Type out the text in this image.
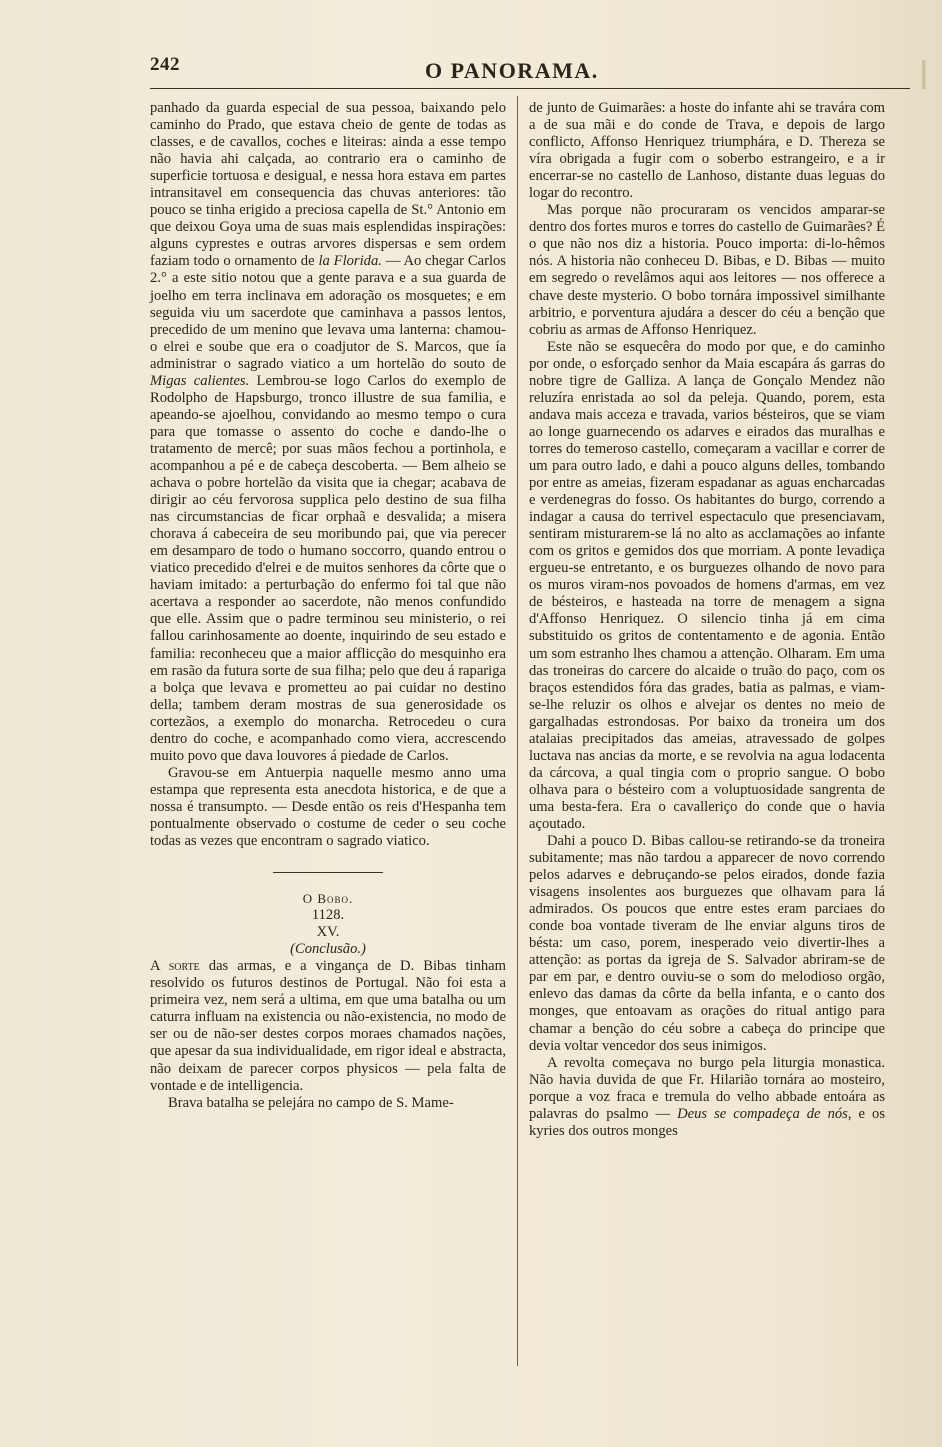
242	O PANORAMA.	❘

panhado da guarda especial de sua pessoa, baixando pelo caminho do Prado, que estava cheio de gente de todas as classes, e de cavallos, coches e liteiras: ainda a esse tempo não havia ahi calçada, ao contrario era o caminho de superficie tortuosa e desigual, e nessa hora estava em partes intransitavel em consequencia das chuvas anteriores: tão pouco se tinha erigido a preciosa capella de St.° Antonio em que deixou Goya uma de suas mais esplendidas inspirações: alguns cyprestes e outras arvores dispersas e sem ordem faziam todo o ornamento de la Florida. — Ao chegar Carlos 2.° a este sitio notou que a gente parava e a sua guarda de joelho em terra inclinava em adoração os mosquetes; e em seguida viu um sacerdote que caminhava a passos lentos, precedido de um menino que levava uma lanterna: chamou-o elrei e soube que era o coadjutor de S. Marcos, que ía administrar o sagrado viatico a um hortelão do souto de Migas calientes. Lembrou-se logo Carlos do exemplo de Rodolpho de Hapsburgo, tronco illustre de sua familia, e apeando-se ajoelhou, convidando ao mesmo tempo o cura para que tomasse o assento do coche e dando-lhe o tratamento de mercê; por suas mãos fechou a portinhola, e acompanhou a pé e de cabeça descoberta. — Bem alheio se achava o pobre hortelão da visita que ia chegar; acabava de dirigir ao céu fervorosa supplica pelo destino de sua filha nas circumstancias de ficar orphaã e desvalida; a misera chorava á cabeceira de seu moribundo pai, que via perecer em desamparo de todo o humano soccorro, quando entrou o viatico precedido d'elrei e de muitos senhores da côrte que o haviam imitado: a perturbação do enfermo foi tal que não acertava a responder ao sacerdote, não menos confundido que elle. Assim que o padre terminou seu ministerio, o rei fallou carinhosamente ao doente, inquirindo de seu estado e familia: reconheceu que a maior afflicção do mesquinho era em rasão da futura sorte de sua filha; pelo que deu á rapariga a bolça que levava e prometteu ao pai cuidar no destino della; tambem deram mostras de sua generosidade os cortezãos, a exemplo do monarcha. Retrocedeu o cura dentro do coche, e acompanhado como viera, accrescendo muito povo que dava louvores á piedade de Carlos.

Gravou-se em Antuerpia naquelle mesmo anno uma estampa que representa esta anecdota historica, e de que a nossa é transumpto. — Desde então os reis d'Hespanha tem pontualmente observado o costume de ceder o seu coche todas as vezes que encontram o sagrado viatico.

O Bobo.

1128.

XV.

(Conclusão.)

A sorte das armas, e a vingança de D. Bibas tinham resolvido os futuros destinos de Portugal. Não foi esta a primeira vez, nem será a ultima, em que uma batalha ou um caturra influam na existencia ou não-existencia, no modo de ser ou de não-ser destes corpos moraes chamados nações, que apesar da sua individualidade, em rigor ideal e abstracta, não deixam de parecer corpos physicos — pela falta de vontade e de intelligencia.

Brava batalha se pelejára no campo de S. Mame-

de junto de Guimarães: a hoste do infante ahi se travára com a de sua mãi e do conde de Trava, e depois de largo conflicto, Affonso Henriquez triumphára, e D. Thereza se víra obrigada a fugir com o soberbo estrangeiro, e a ir encerrar-se no castello de Lanhoso, distante duas leguas do logar do recontro.

Mas porque não procuraram os vencidos amparar-se dentro dos fortes muros e torres do castello de Guimarães? É o que não nos diz a historia. Pouco importa: di-lo-hêmos nós. A historia não conheceu D. Bibas, e D. Bibas — muito em segredo o revelâmos aqui aos leitores — nos offerece a chave deste mysterio. O bobo tornára impossivel similhante arbitrio, e porventura ajudára a descer do céu a benção que cobriu as armas de Affonso Henriquez.

Este não se esquecêra do modo por que, e do caminho por onde, o esforçado senhor da Maia escapára ás garras do nobre tigre de Galliza. A lança de Gonçalo Mendez não reluzíra enristada ao sol da peleja. Quando, porem, esta andava mais acceza e travada, varios bésteiros, que se viam ao longe guarnecendo os adarves e eirados das muralhas e torres do temeroso castello, começaram a vacillar e correr de um para outro lado, e dahi a pouco alguns delles, tombando por entre as ameias, fizeram espadanar as aguas encharcadas e verdenegras do fosso. Os habitantes do burgo, correndo a indagar a causa do terrivel espectaculo que presenciavam, sentiram misturarem-se lá no alto as acclamações ao infante com os gritos e gemidos dos que morriam. A ponte levadiça ergueu-se entretanto, e os burguezes olhando de novo para os muros viram-nos povoados de homens d'armas, em vez de bésteiros, e hasteada na torre de menagem a signa d'Affonso Henriquez. O silencio tinha já em cima substituido os gritos de contentamento e de agonia. Então um som estranho lhes chamou a attenção. Olharam. Em uma das troneiras do carcere do alcaide o truão do paço, com os braços estendidos fóra das grades, batia as palmas, e viam-se-lhe reluzir os olhos e alvejar os dentes no meio de gargalhadas estrondosas. Por baixo da troneira um dos atalaias precipitados das ameias, atravessado de golpes luctava nas ancias da morte, e se revolvia na agua lodacenta da cárcova, a qual tingia com o proprio sangue. O bobo olhava para o bésteiro com a voluptuosidade sangrenta de uma besta-fera. Era o cavalleriço do conde que o havia açoutado.

Dahi a pouco D. Bibas callou-se retirando-se da troneira subitamente; mas não tardou a apparecer de novo correndo pelos adarves e debruçando-se pelos eirados, donde fazia visagens insolentes aos burguezes que olhavam para lá admirados. Os poucos que entre estes eram parciaes do conde boa vontade tiveram de lhe enviar alguns tiros de bésta: um caso, porem, inesperado veio divertir-lhes a attenção: as portas da igreja de S. Salvador abriram-se de par em par, e dentro ouviu-se o som do melodioso orgão, enlevo das damas da côrte da bella infanta, e o canto dos monges, que entoavam as orações do ritual antigo para chamar a benção do céu sobre a cabeça do principe que devia voltar vencedor dos seus inimigos.

A revolta começava no burgo pela liturgia monastica. Não havia duvida de que Fr. Hilarião tornára ao mosteiro, porque a voz fraca e tremula do velho abbade entoára as palavras do psalmo — Deus se compadeça de nós, e os kyries dos outros monges
